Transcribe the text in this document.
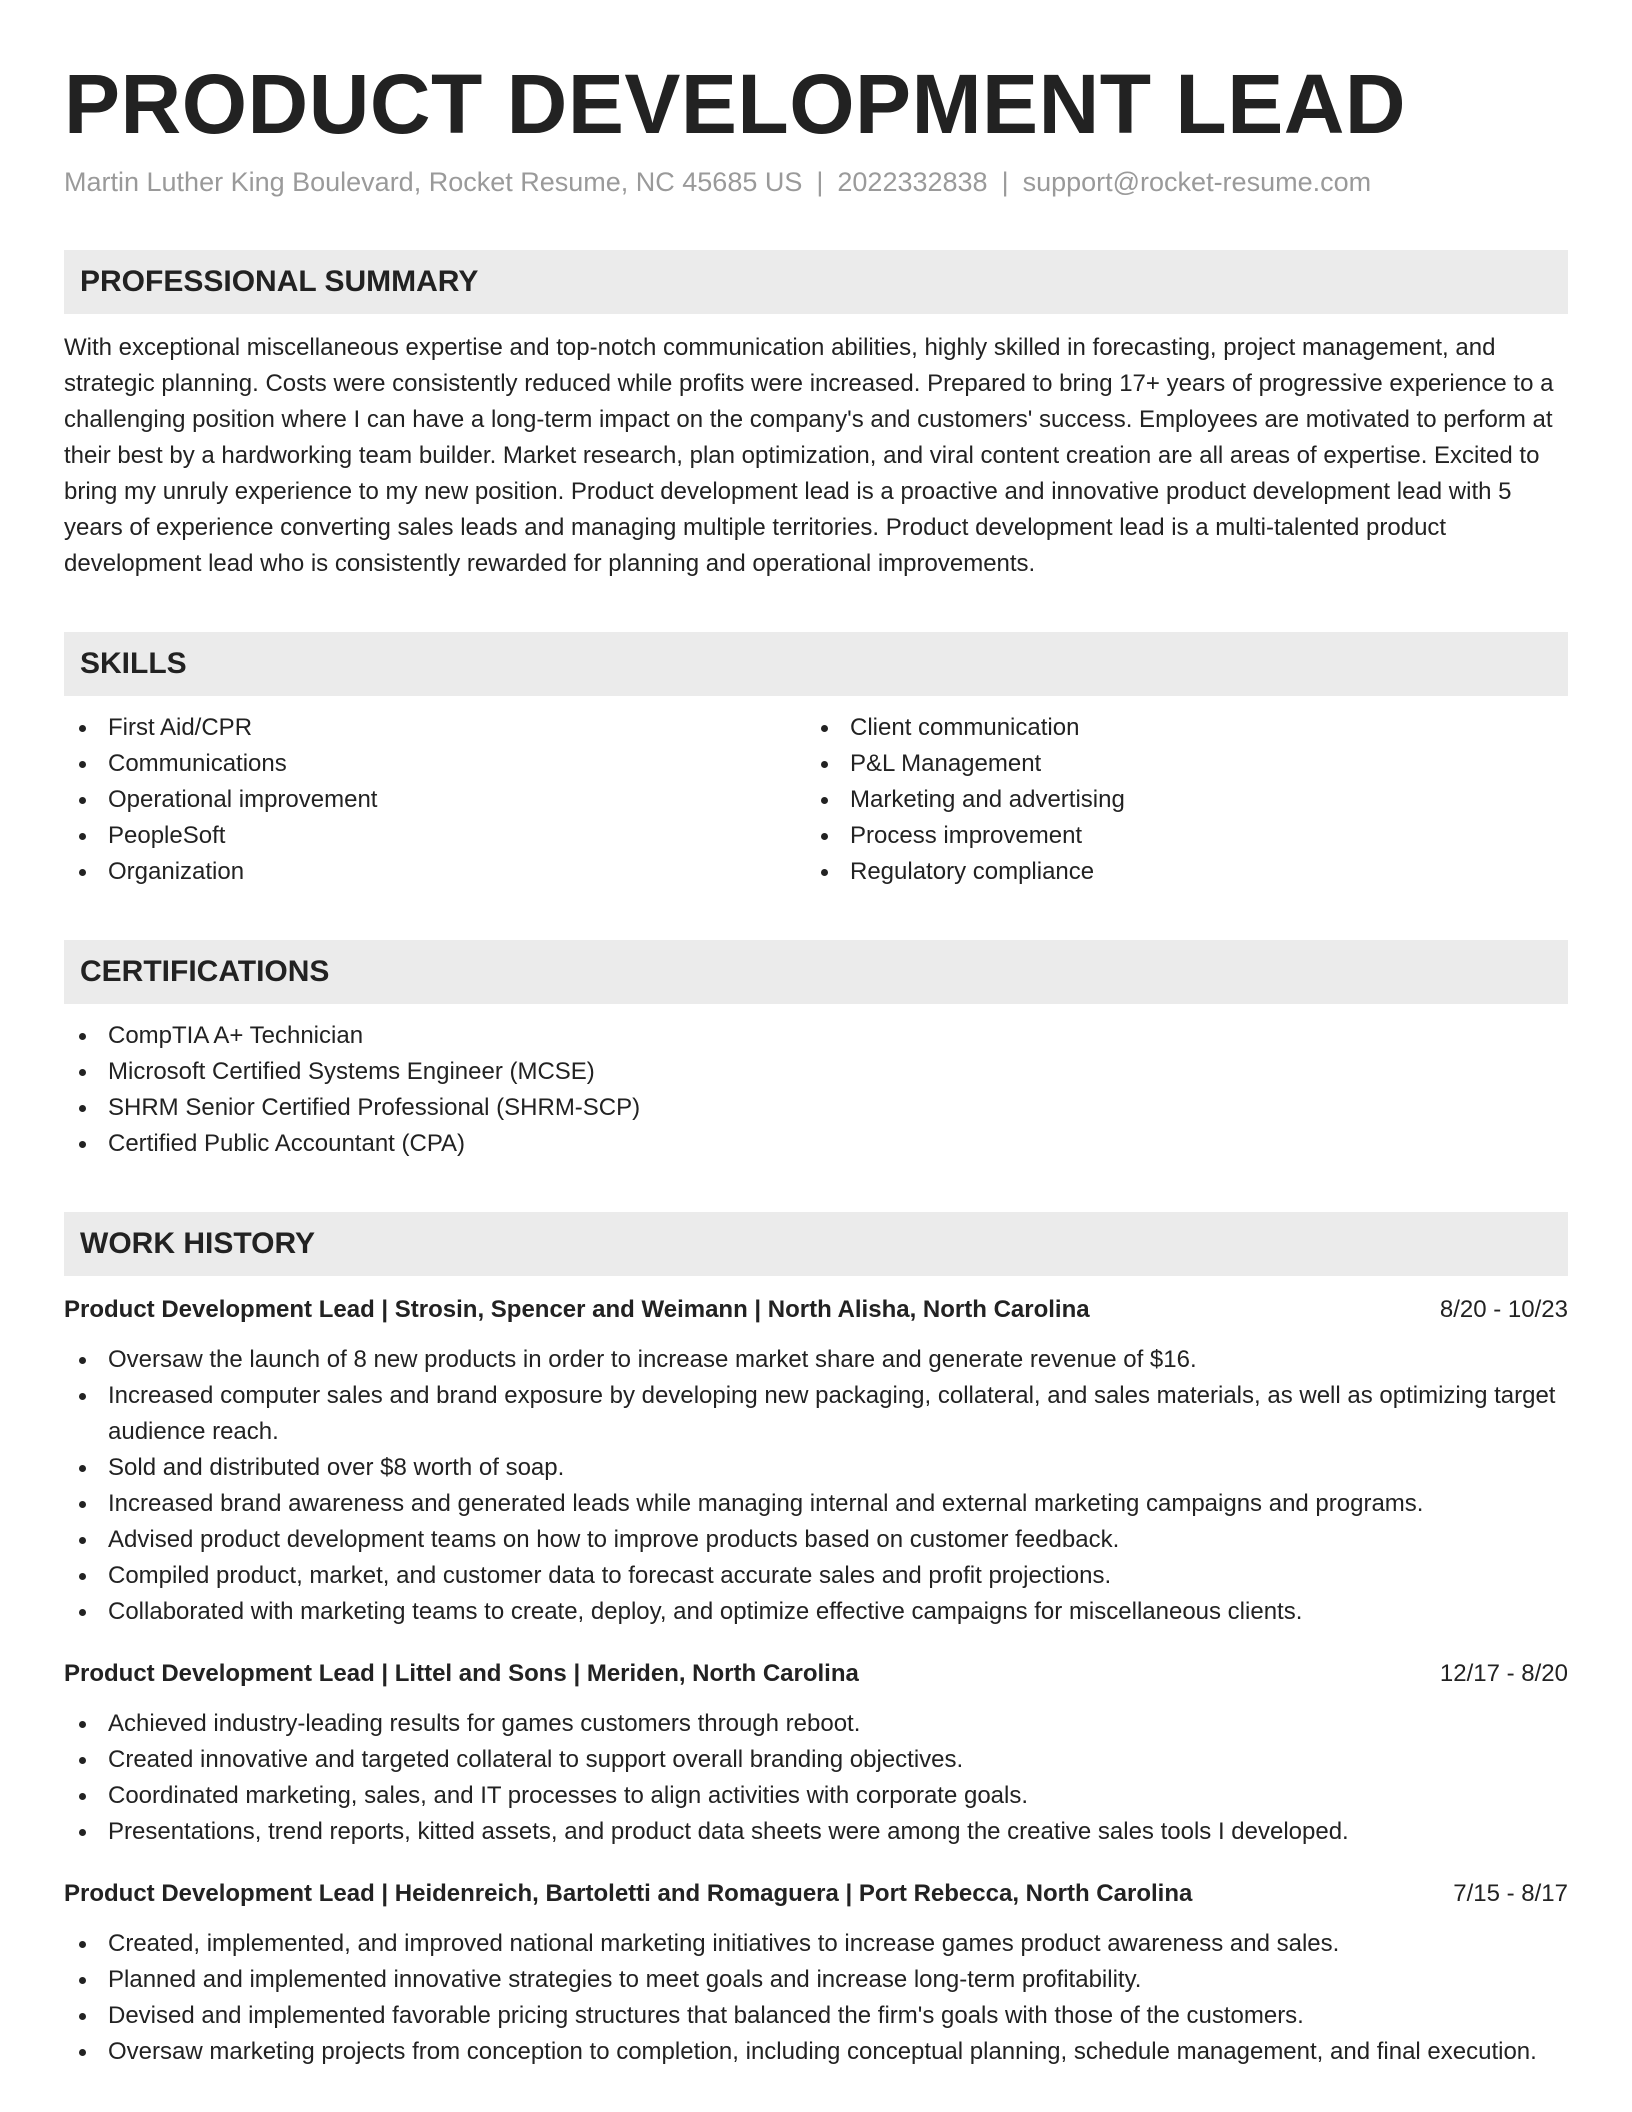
PRODUCT DEVELOPMENT LEAD
Martin Luther King Boulevard, Rocket Resume, NC 45685 US | 2022332838 | support@rocket-resume.com
PROFESSIONAL SUMMARY

With exceptional miscellaneous expertise and top-notch communication abilities, highly skilled in forecasting, project management, and strategic planning. Costs were consistently reduced while profits were increased. Prepared to bring 17+ years of progressive experience to a challenging position where I can have a long-term impact on the company's and customers' success. Employees are motivated to perform at their best by a hardworking team builder. Market research, plan optimization, and viral content creation are all areas of expertise. Excited to bring my unruly experience to my new position. Product development lead is a proactive and innovative product development lead with 5 years of experience converting sales leads and managing multiple territories. Product development lead is a multi-talented product development lead who is consistently rewarded for planning and operational improvements.

SKILLS
First Aid/CPR
Communications
Operational improvement
PeopleSoft
Organization
Client communication
P&L Management
Marketing and advertising
Process improvement
Regulatory compliance
CERTIFICATIONS
CompTIA A+ Technician
Microsoft Certified Systems Engineer (MCSE)
SHRM Senior Certified Professional (SHRM-SCP)
Certified Public Accountant (CPA)
WORK HISTORY
Product Development Lead | Strosin, Spencer and Weimann | North Alisha, North Carolina	8/20 - 10/23
Oversaw the launch of 8 new products in order to increase market share and generate revenue of $16.
Increased computer sales and brand exposure by developing new packaging, collateral, and sales materials, as well as optimizing target audience reach.
Sold and distributed over $8 worth of soap.
Increased brand awareness and generated leads while managing internal and external marketing campaigns and programs.
Advised product development teams on how to improve products based on customer feedback.
Compiled product, market, and customer data to forecast accurate sales and profit projections.
Collaborated with marketing teams to create, deploy, and optimize effective campaigns for miscellaneous clients.
Product Development Lead | Littel and Sons | Meriden, North Carolina	12/17 - 8/20
Achieved industry-leading results for games customers through reboot.
Created innovative and targeted collateral to support overall branding objectives.
Coordinated marketing, sales, and IT processes to align activities with corporate goals.
Presentations, trend reports, kitted assets, and product data sheets were among the creative sales tools I developed.
Product Development Lead | Heidenreich, Bartoletti and Romaguera | Port Rebecca, North Carolina	7/15 - 8/17
Created, implemented, and improved national marketing initiatives to increase games product awareness and sales.
Planned and implemented innovative strategies to meet goals and increase long-term profitability.
Devised and implemented favorable pricing structures that balanced the firm's goals with those of the customers.
Oversaw marketing projects from conception to completion, including conceptual planning, schedule management, and final execution.
